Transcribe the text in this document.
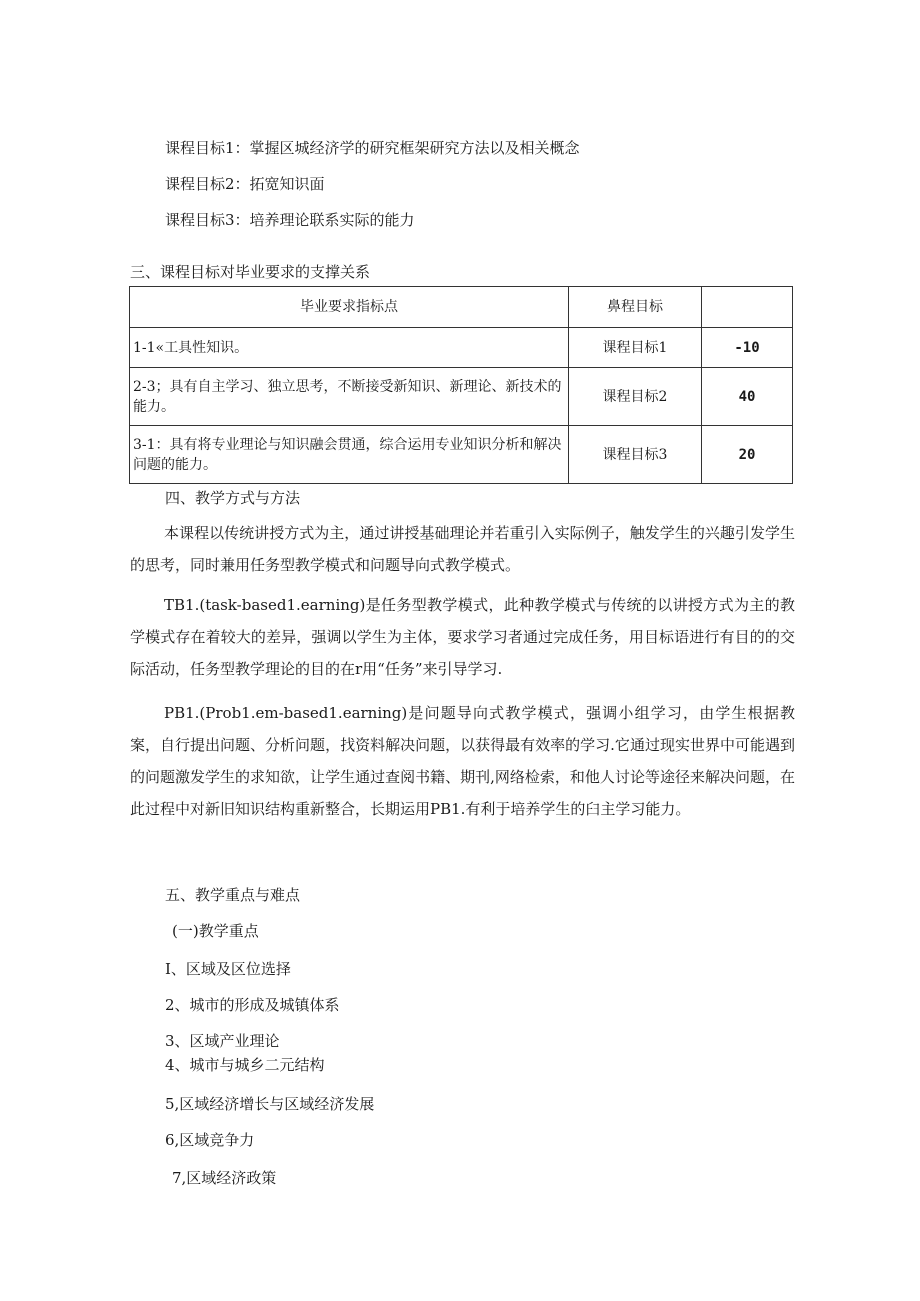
课程目标1：掌握区城经济学的研究框架研究方法以及相关概念
课程目标2：拓宽知识面
课程目标3：培养理论联系实际的能力
三、课程目标对毕业要求的支撑关系
毕业要求指标点	鼻程目标	
1-1«工具性知识。	课程目标1	-10
2-3；具有自主学习、独立思考，不断接受新知识、新理论、新技术的能力。	课程目标2	40
3-1：具有将专业理论与知识融会贯通，综合运用专业知识分析和解决问题的能力。	课程目标3	20
四、教学方式与方法
本课程以传统讲授方式为主，通过讲授基础理论并若重引入实际例子，触发学生的兴趣引发学生的思考，同时兼用任务型教学模式和问题导向式教学模式。
TB1.(task-based1.earning)是任务型教学模式，此种教学模式与传统的以讲授方式为主的教学模式存在着较大的差异，强调以学生为主体，要求学习者通过完成任务，用目标语进行有目的的交际活动，任务型教学理论的目的在r用“任务”来引导学习.
PB1.(Prob1.em-based1.earning)是问题导向式教学模式，强调小组学习，由学生根据教案，自行提出问题、分析问题，找资料解决问题，以获得最有效率的学习.它通过现实世界中可能遇到的问题激发学生的求知欲，让学生通过查阅书籍、期刊,网络检索，和他人讨论等途径来解决问题，在此过程中对新旧知识结构重新整合，长期运用PB1.有利于培养学生的臼主学习能力。
五、教学重点与难点
(一)教学重点
I、区域及区位选择
2、城市的形成及城镇体系
3、区域产业理论
4、城市与城乡二元结构
5,区域经济增长与区域经济发展
6,区域竞争力
7,区域经济政策
